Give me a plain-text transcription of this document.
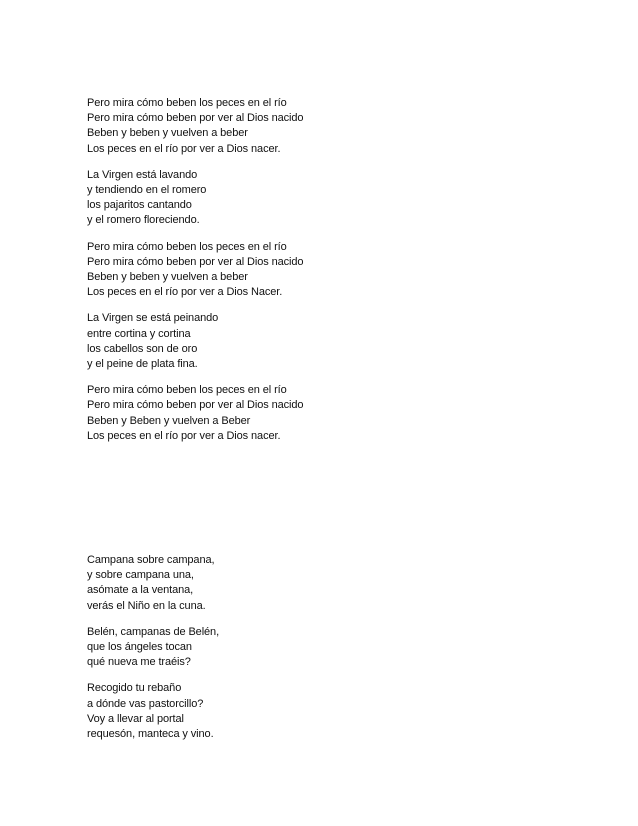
Pero mira cómo beben los peces en el río
Pero mira cómo beben por ver al Dios nacido
Beben y beben y vuelven a beber
Los peces en el río por ver a Dios nacer.
La Virgen está lavando
y tendiendo en el romero
los pajaritos cantando
y el romero floreciendo.
Pero mira cómo beben los peces en el río
Pero mira cómo beben por ver al Dios nacido
Beben y beben y vuelven a beber
Los peces en el río por ver a Dios Nacer.
La Virgen se está peinando
entre cortina y cortina
los cabellos son de oro
y el peine de plata fina.
Pero mira cómo beben los peces en el río
Pero mira cómo beben por ver al Dios nacido
Beben y Beben y vuelven a Beber
Los peces en el río por ver a Dios nacer.
Campana sobre campana,
y sobre campana una,
asómate a la ventana,
verás el Niño en la cuna.
Belén, campanas de Belén,
que los ángeles tocan
qué nueva me traéis?
Recogido tu rebaño
a dónde vas pastorcillo?
Voy a llevar al portal
requesón, manteca y vino.
